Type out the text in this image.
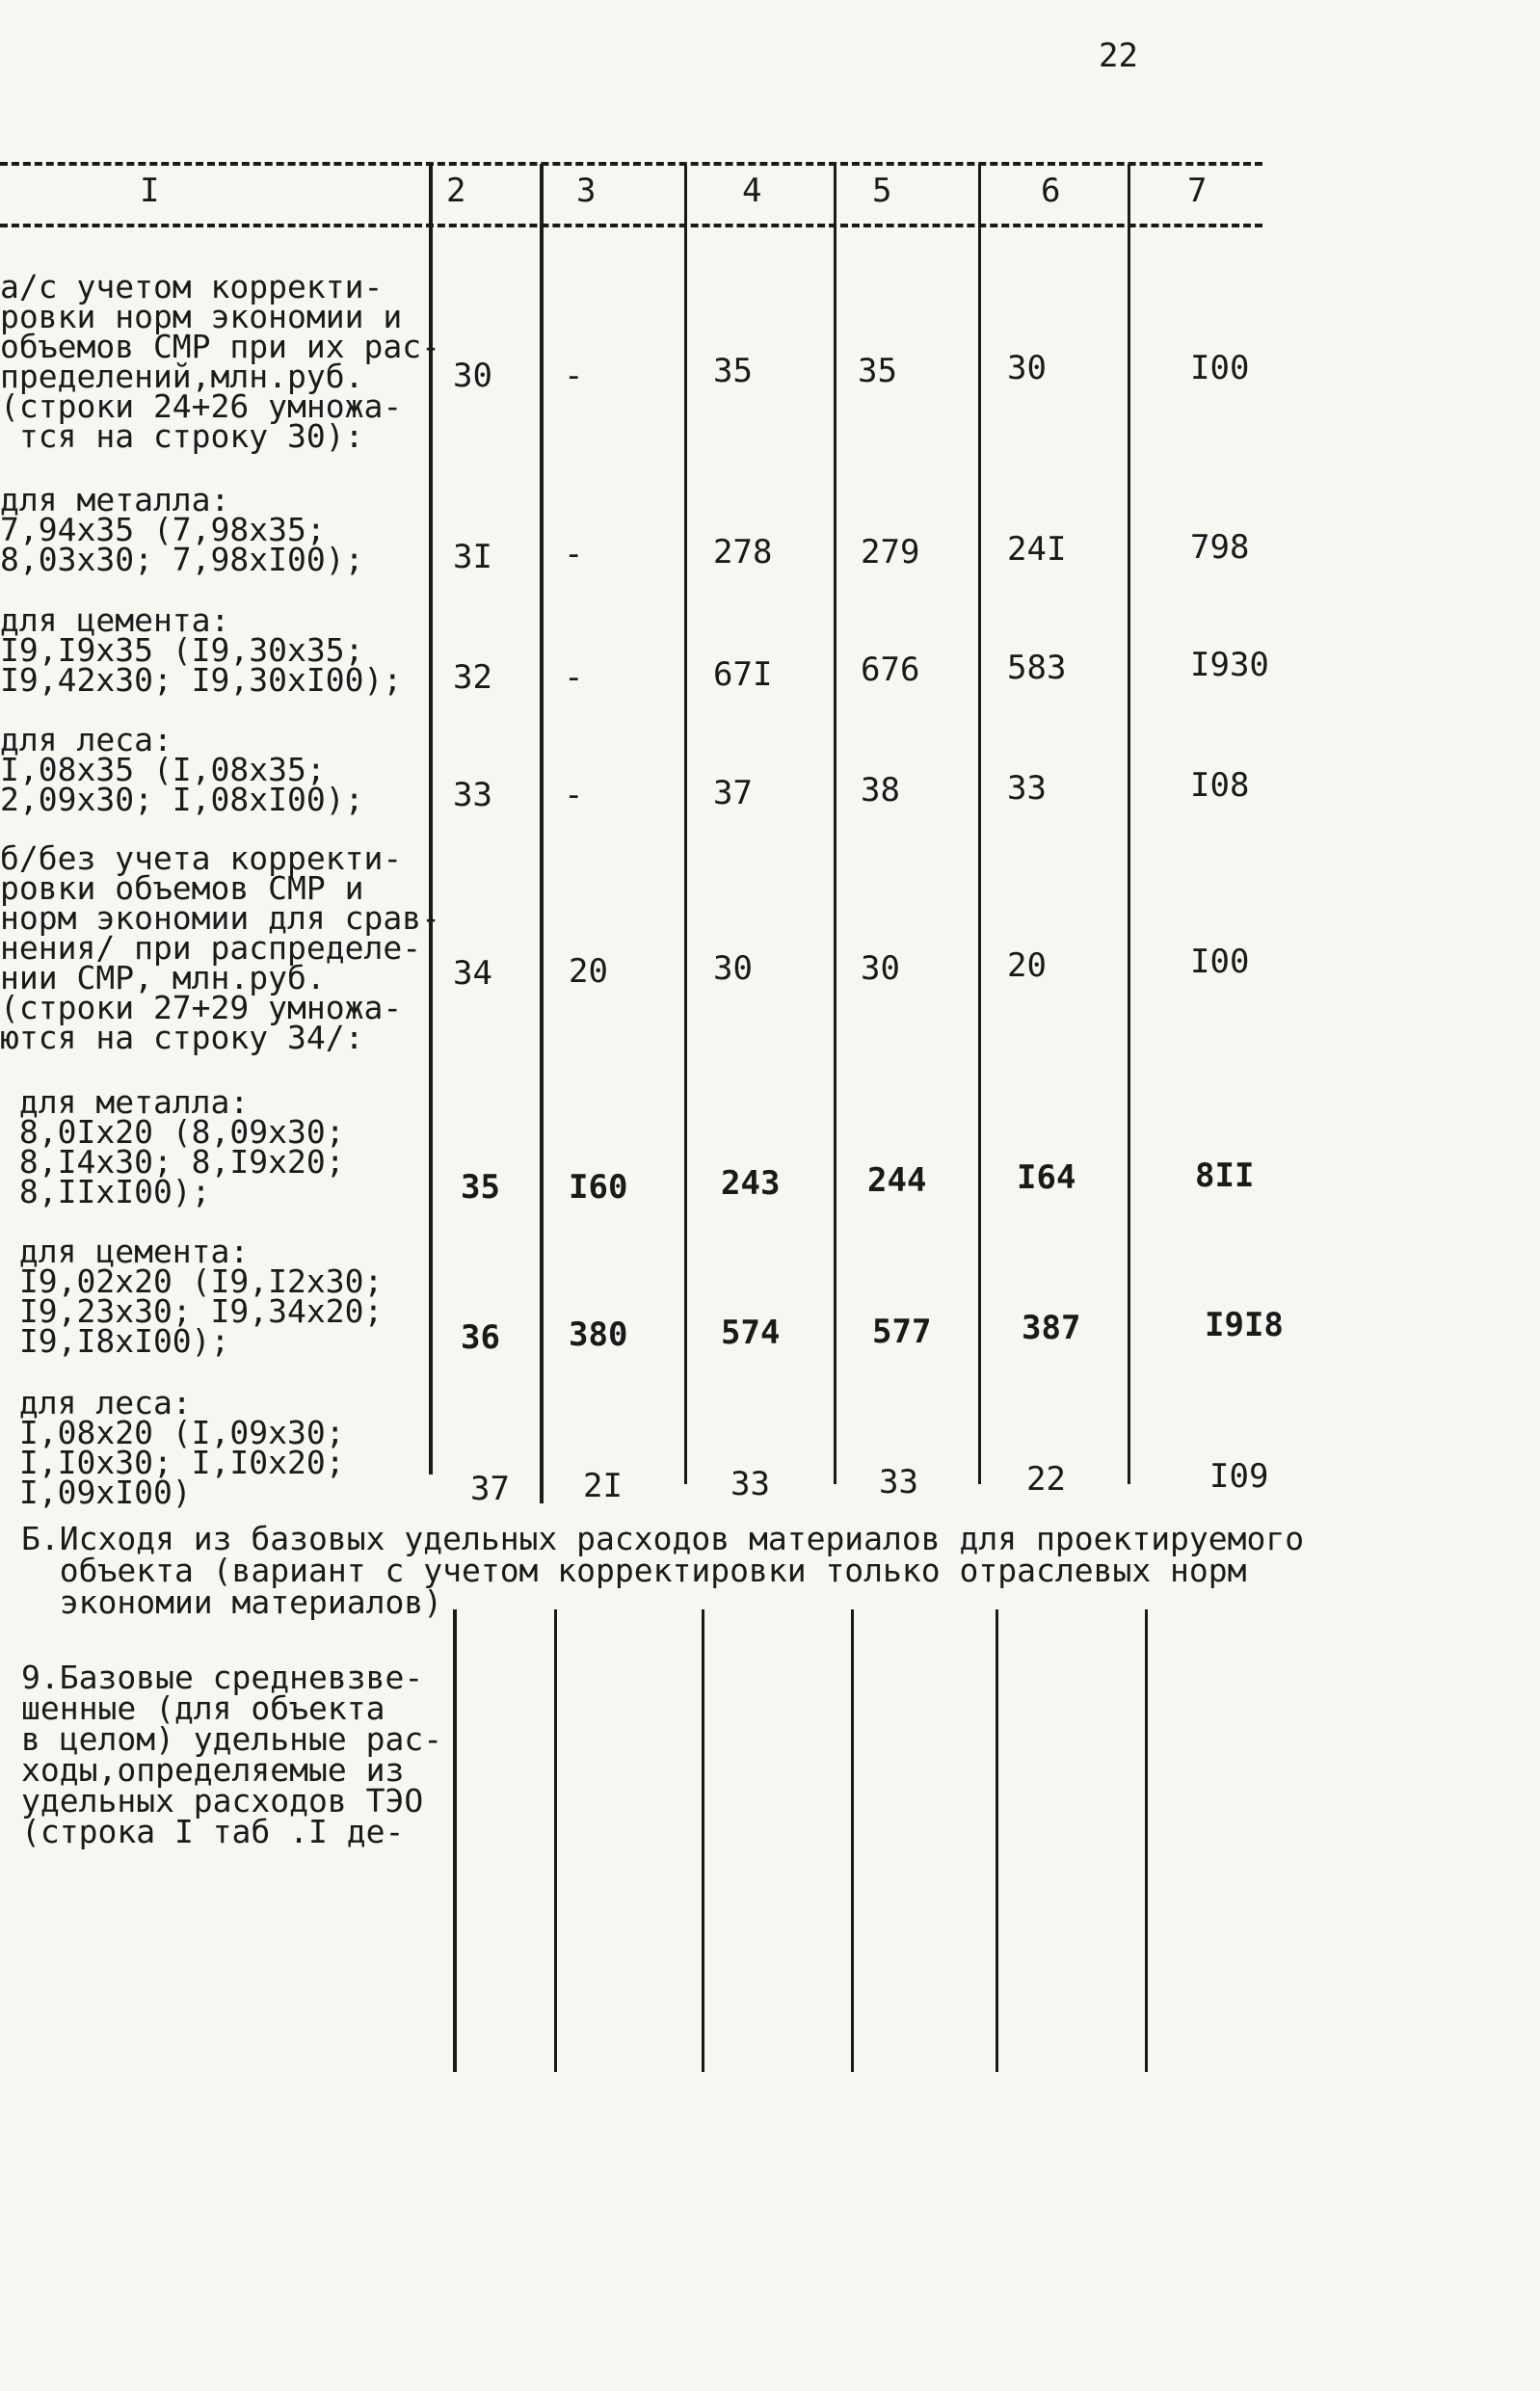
22
I	2	3	4	5	6	7
а/с учетом корректи-
ровки норм экономии и
объемов СМР при их рас-
пределений,млн.руб.
(строки 24+26 умножа-
тся на строку 30):
30 -	35	35	30	I00
для металла:
7,94х35 (7,98х35;
8,03х30; 7,98хI00);	3I -	278	279	24I	798
для цемента:
I9,I9х35 (I9,30х35;
I9,42х30; I9,30хI00); 32 -	67I	676	583	I930
для леса:
I,08х35 (I,08х35;
2,09х30; I,08хI00);	33 -	37	38	33	I08
б/без учета корректи-
ровки объемов СМР и
норм экономии для срав-
нения/ при распределе-
нии СМР, млн.руб.
(строки 27+29 умножа-
ются на строку 34/:
34 20	30	30	20	I00
для металла:
8,0Iх20 (8,09х30;
8,I4х30; 8,I9х20;
8,IIхI00);	35 I60	243	244	I64	8II
для цемента:
I9,02х20 (I9,I2х30;
I9,23х30; I9,34х20;
I9,I8хI00);	36 380	574	577	387	I9I8
для леса:
I,08х20 (I,09х30;
I,I0х30; I,I0х20;
I,09хI00)	37 2I	33	33	22	I09
Б.Исходя из базовых удельных расходов материалов для проектируемого
объекта (вариант с учетом корректировки только отраслевых норм
экономии материалов)
9.Базовые средневзве-
шенные (для объекта
в целом) удельные рас-
ходы,определяемые из
удельных расходов ТЭО
(строка I таб .I де-
